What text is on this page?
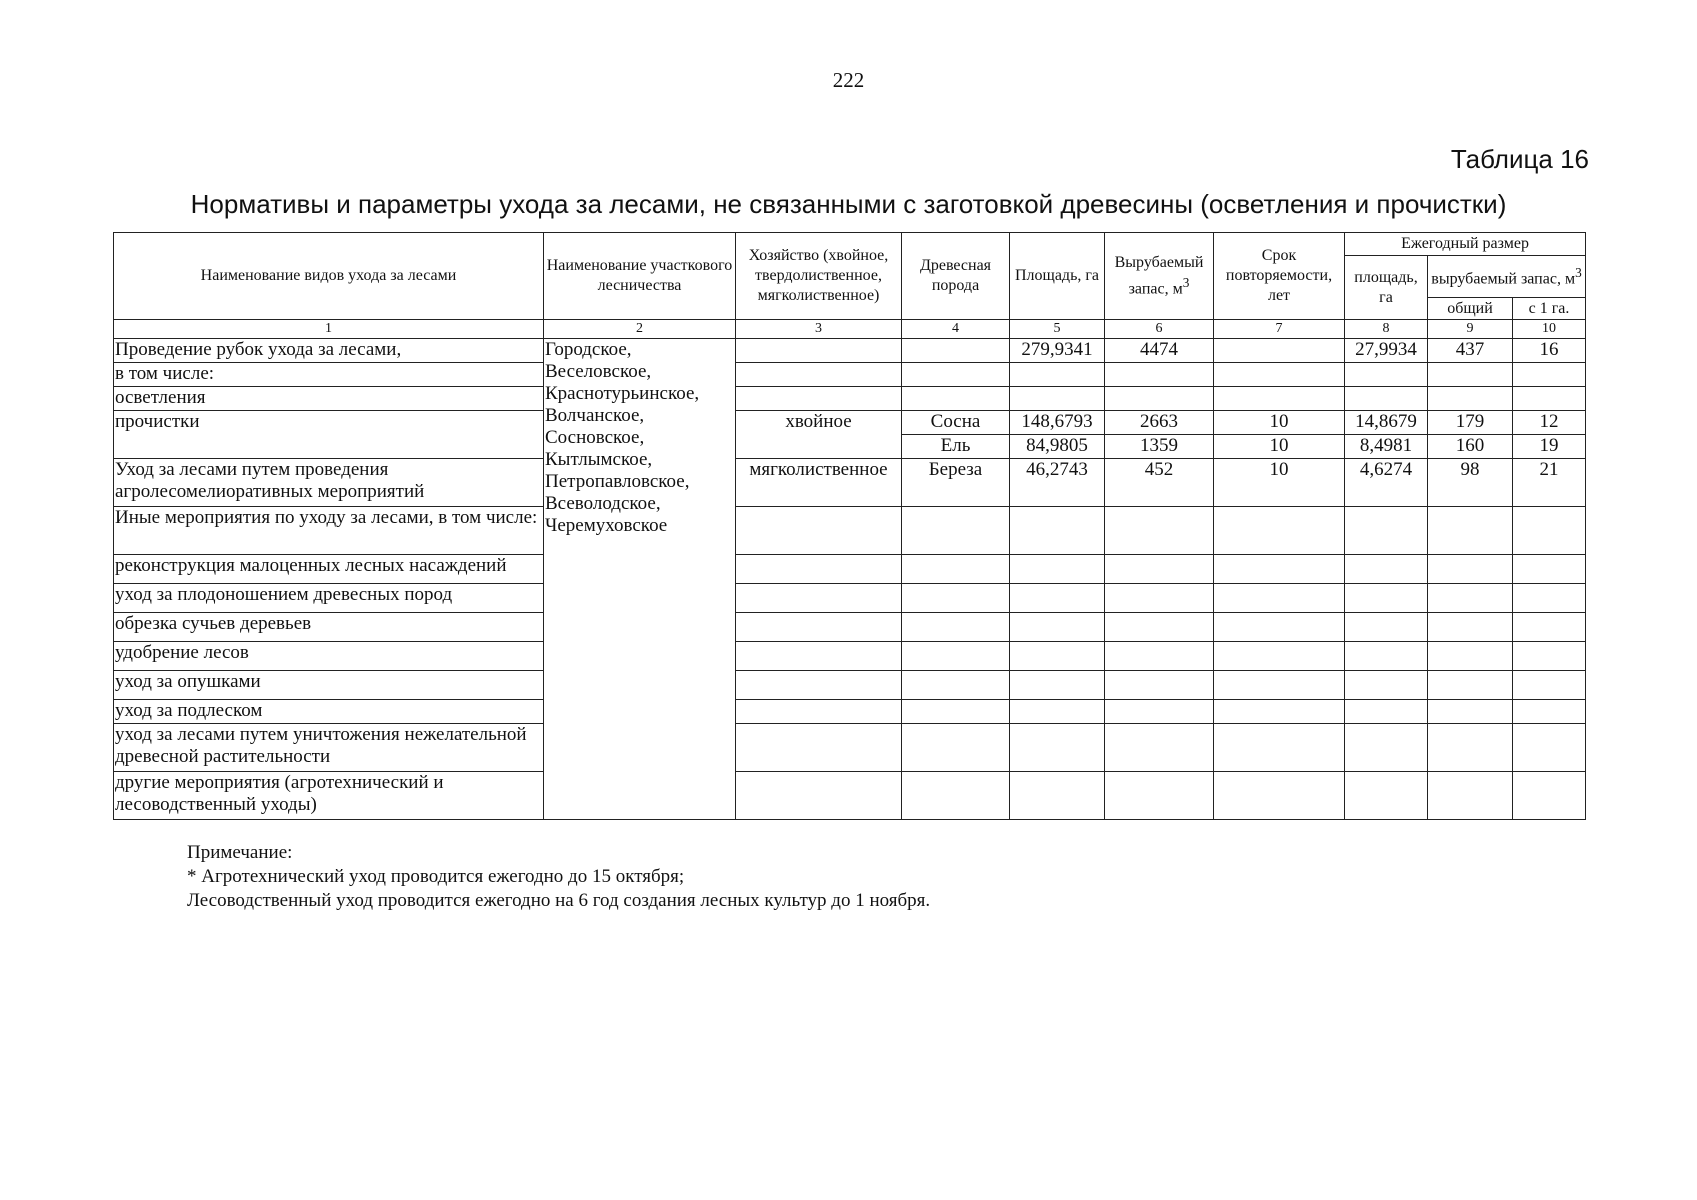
222
Таблица 16
Нормативы и параметры ухода за лесами, не связанными с заготовкой древесины (осветления и прочистки)
Наименование видов ухода за лесами	Наименование участкового лесничества	Хозяйство (хвойное, твердолиственное, мягколиственное)	Древесная порода	Площадь, га	Вырубаемый запас, $м^3$	Срок повторяемости, лет	Ежегодный размер		
							площадь, га	вырубаемый запас, $м^3$
								общий	с 1 га.
1	2	3	4	5	6	7	8	9	10
Проведение рубок ухода за лесами,	Городское, Веселовское, Краснотурьинское, Волчанское, Сосновское, Кытлымское, Петропавловское, Всеволодское, Черемуховское			279,9341	4474		27,9934	437	16
в том числе:									
осветления									
прочистки		хвойное	Сосна	148,6793	2663	10	14,8679	179	12
			Ель	84,9805	1359	10	8,4981	160	19
Уход за лесами путем проведения агролесомелиоративных мероприятий		мягколиственное	Береза	46,2743	452	10	4,6274	98	21
Иные мероприятия по уходу за лесами, в том числе:									
реконструкция малоценных лесных насаждений									
уход за плодоношением древесных пород									
обрезка сучьев деревьев									
удобрение лесов									
уход за опушками									
уход за подлеском									
уход за лесами путем уничтожения нежелательной древесной растительности									
другие мероприятия (агротехнический и лесоводственный уходы)									
Примечание:
* Агротехнический уход проводится ежегодно до 15 октября;
Лесоводственный уход проводится ежегодно на 6 год создания лесных культур до 1 ноября.
